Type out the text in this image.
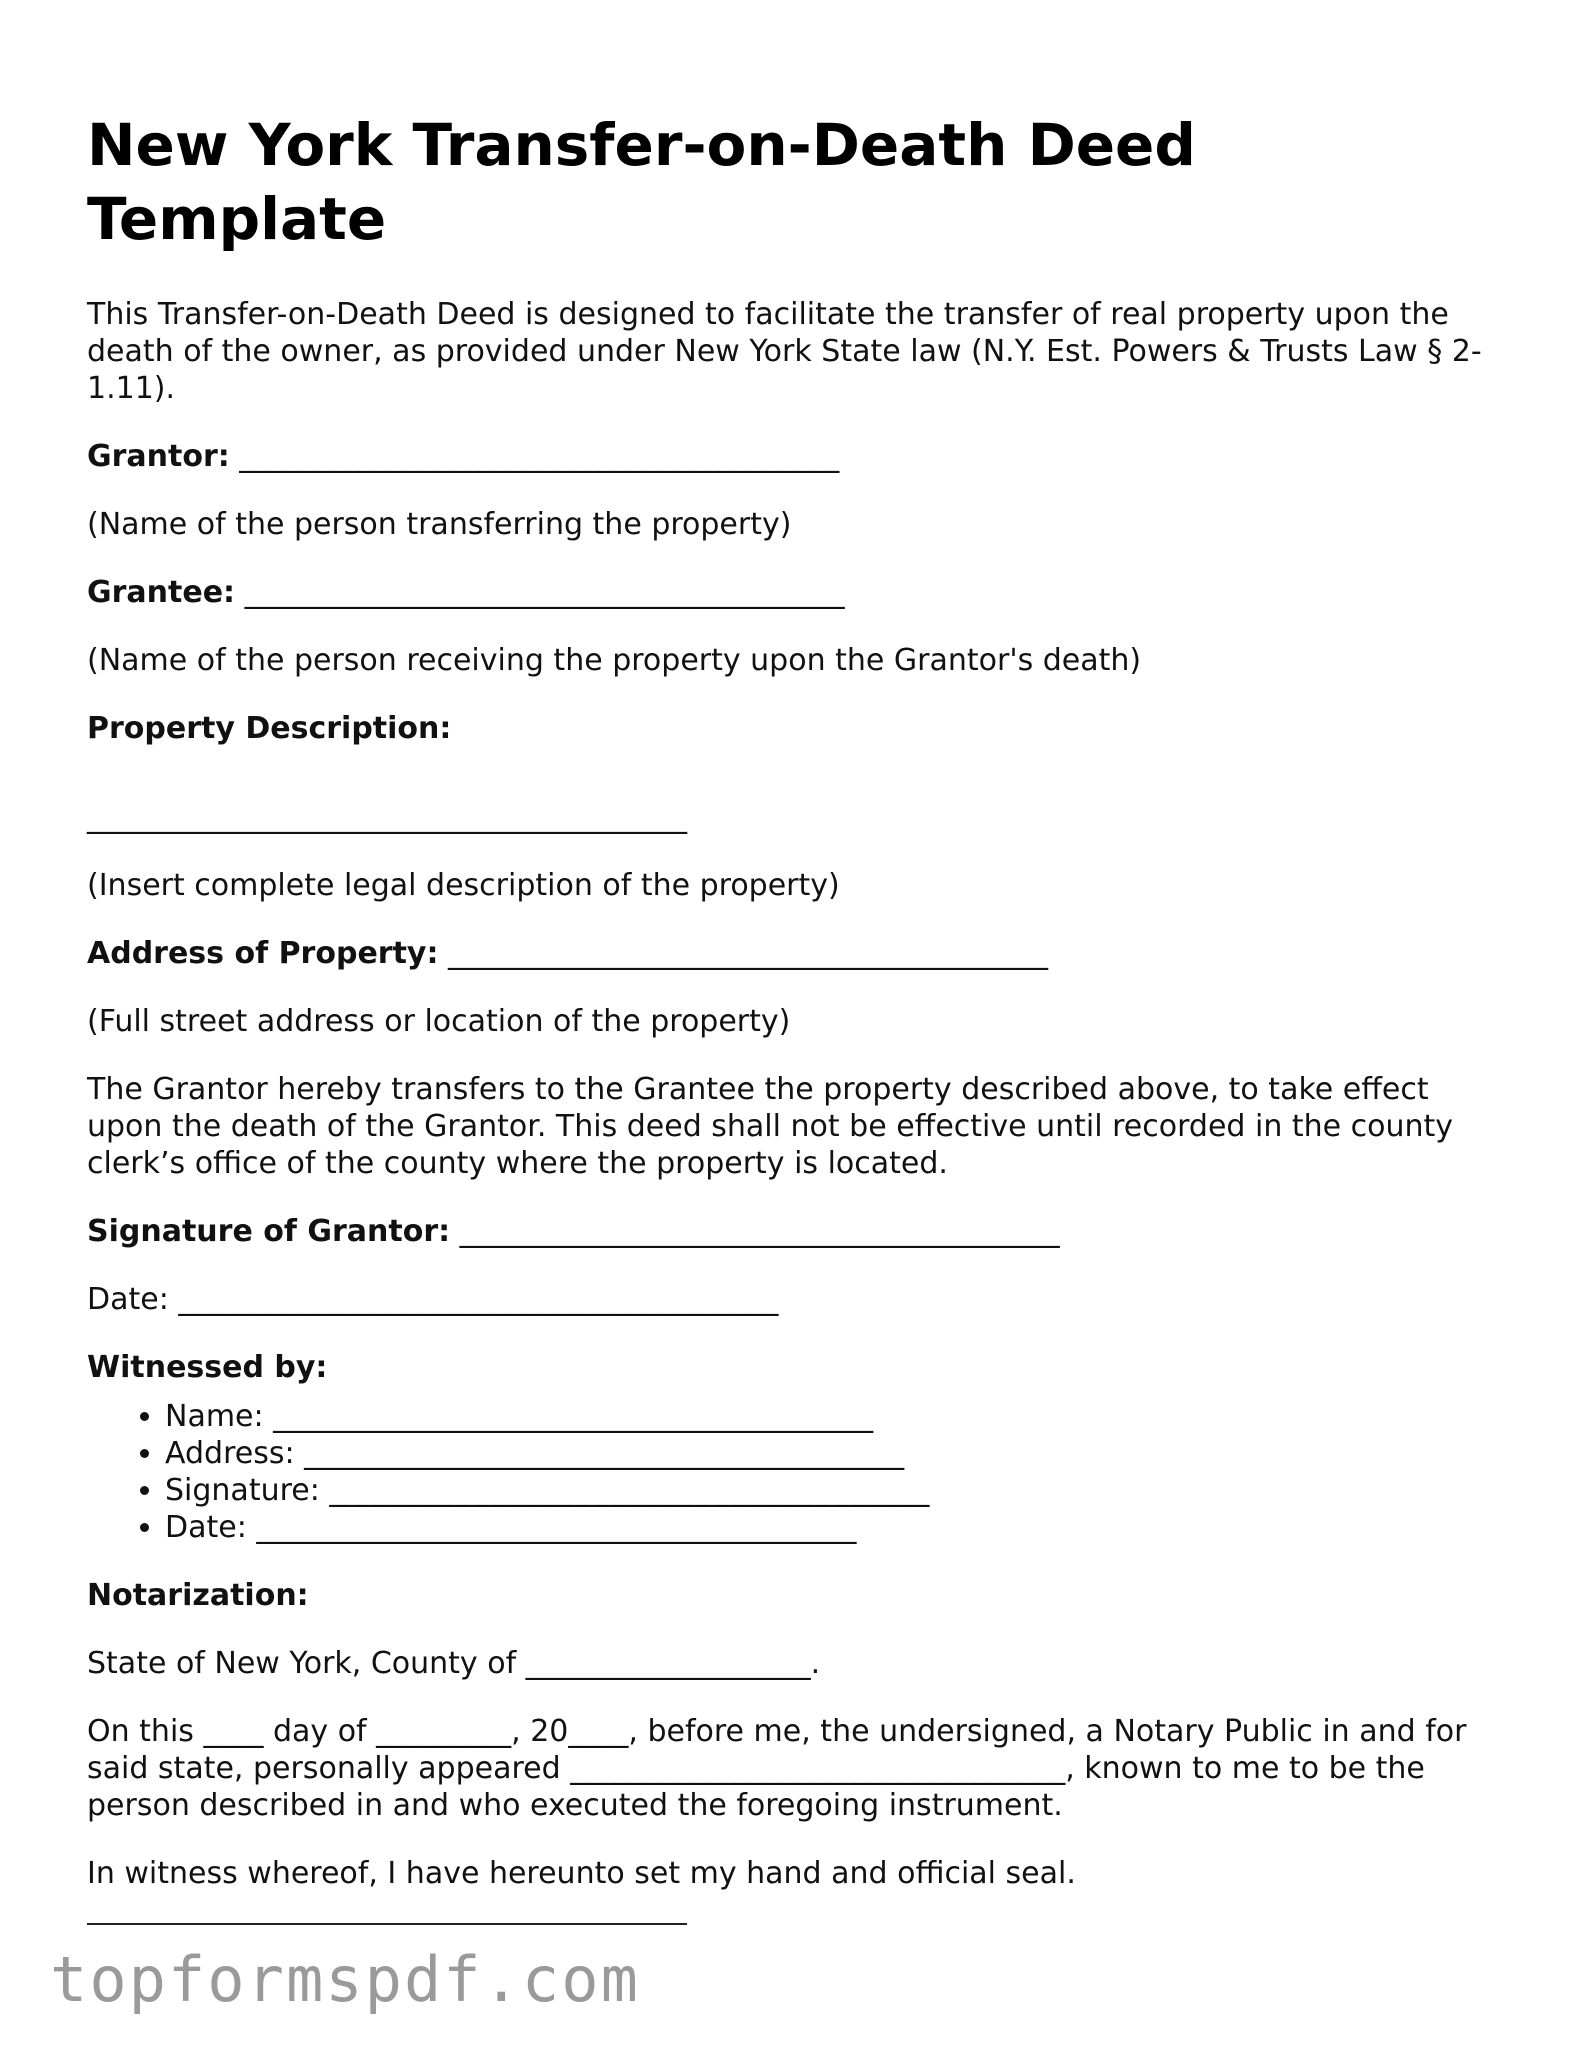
New York Transfer-on-Death Deed Template

This Transfer-on-Death Deed is designed to facilitate the transfer of real property upon the death of the owner, as provided under New York State law (N.Y. Est. Powers & Trusts Law § 2-1.11).

Grantor: ________________________________________

(Name of the person transferring the property)

Grantee: ________________________________________

(Name of the person receiving the property upon the Grantor's death)

Property Description:

________________________________________

(Insert complete legal description of the property)

Address of Property: ________________________________________

(Full street address or location of the property)

The Grantor hereby transfers to the Grantee the property described above, to take effect upon the death of the Grantor. This deed shall not be effective until recorded in the county clerk’s office of the county where the property is located.

Signature of Grantor: ________________________________________

Date: ________________________________________

Witnessed by:

• Name: ________________________________________
• Address: ________________________________________
• Signature: ________________________________________
• Date: ________________________________________

Notarization:

State of New York, County of ___________________.

On this ____ day of _________, 20____, before me, the undersigned, a Notary Public in and for said state, personally appeared _________________________________, known to me to be the person described in and who executed the foregoing instrument.

In witness whereof, I have hereunto set my hand and official seal.

topformspdf.com
